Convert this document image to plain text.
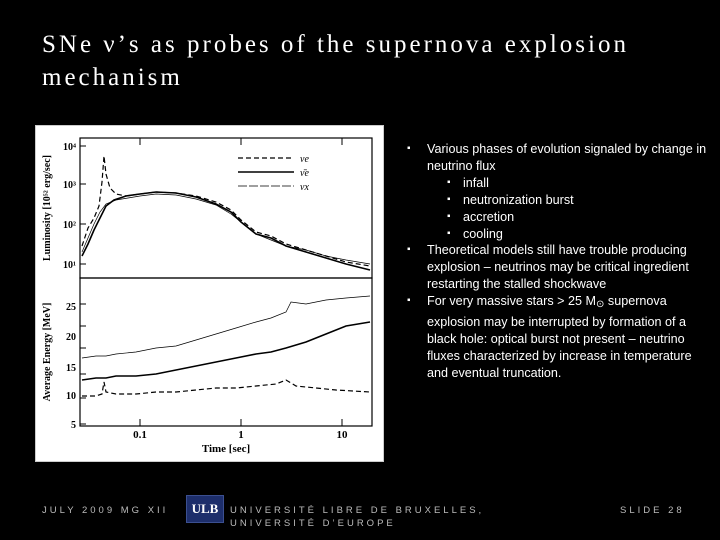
SNe ν’s as probes of the supernova explosion mechanism
10⁴
10³
10²
10¹
25
20
15
10
5
0.1	1	10
Time [sec]
Luminosity [10⁵² erg/sec]
Average Energy [MeV]
νe
ν̄e
νx
▪ Various phases of evolution signaled by change in neutrino flux
▪ infall
▪ neutronization burst
▪ accretion
▪ cooling
▪ Theoretical models still have trouble producing explosion – neutrinos may be critical ingredient restarting the stalled shockwave
▪ For very massive stars > 25 M⊙ supernova explosion may be interrupted by formation of a black hole: optical burst not present – neutrino fluxes characterized by increase in temperature and eventual truncation.
JULY 2009 MG XII	ULB	UNIVERSITÉ LIBRE DE BRUXELLES, UNIVERSITÉ D’EUROPE
SLIDE 28
